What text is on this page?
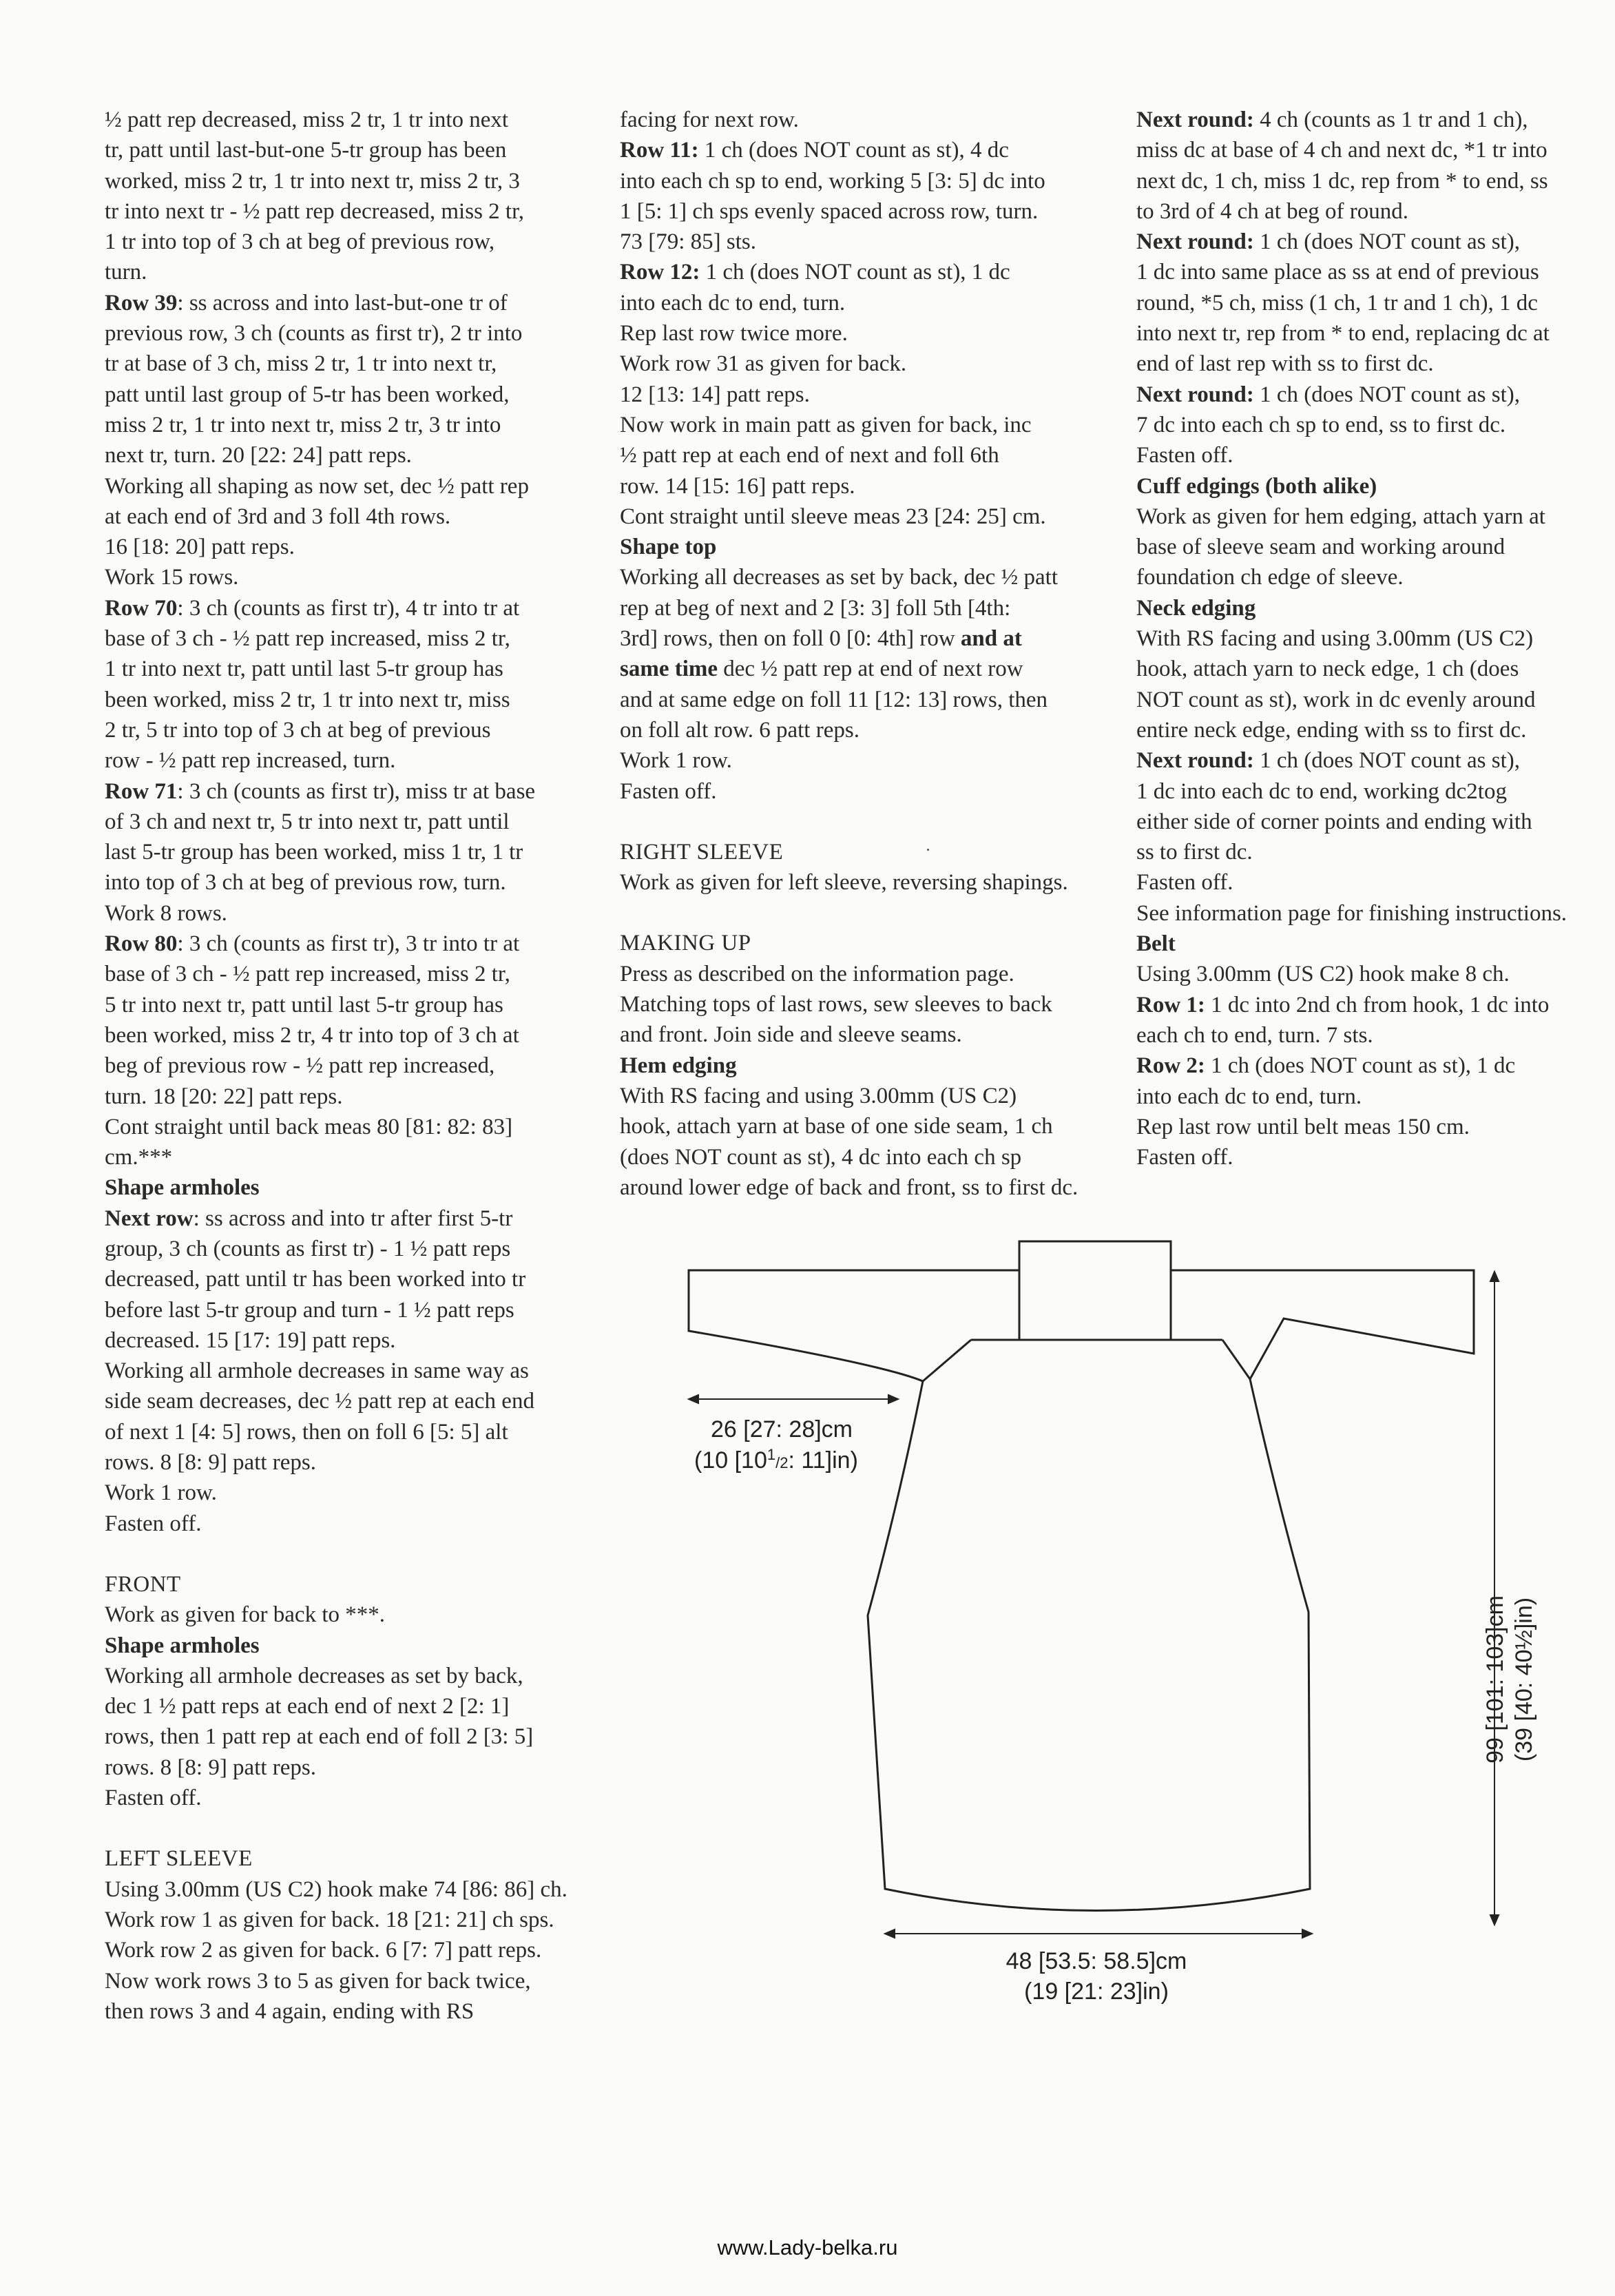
½ patt rep decreased, miss 2 tr, 1 tr into next

tr, patt until last-but-one 5-tr group has been

worked, miss 2 tr, 1 tr into next tr, miss 2 tr, 3

tr into next tr - ½ patt rep decreased, miss 2 tr,

1 tr into top of 3 ch at beg of previous row,

turn.

Row 39: ss across and into last-but-one tr of

previous row, 3 ch (counts as first tr), 2 tr into

tr at base of 3 ch, miss 2 tr, 1 tr into next tr,

patt until last group of 5-tr has been worked,

miss 2 tr, 1 tr into next tr, miss 2 tr, 3 tr into

next tr, turn. 20 [22: 24] patt reps.

Working all shaping as now set, dec ½ patt rep

at each end of 3rd and 3 foll 4th rows.

16 [18: 20] patt reps.

Work 15 rows.

Row 70: 3 ch (counts as first tr), 4 tr into tr at

base of 3 ch - ½ patt rep increased, miss 2 tr,

1 tr into next tr, patt until last 5-tr group has

been worked, miss 2 tr, 1 tr into next tr, miss

2 tr, 5 tr into top of 3 ch at beg of previous

row - ½ patt rep increased, turn.

Row 71: 3 ch (counts as first tr), miss tr at base

of 3 ch and next tr, 5 tr into next tr, patt until

last 5-tr group has been worked, miss 1 tr, 1 tr

into top of 3 ch at beg of previous row, turn.

Work 8 rows.

Row 80: 3 ch (counts as first tr), 3 tr into tr at

base of 3 ch - ½ patt rep increased, miss 2 tr,

5 tr into next tr, patt until last 5-tr group has

been worked, miss 2 tr, 4 tr into top of 3 ch at

beg of previous row - ½ patt rep increased,

turn. 18 [20: 22] patt reps.

Cont straight until back meas 80 [81: 82: 83]

cm.***

Shape armholes

Next row: ss across and into tr after first 5-tr

group, 3 ch (counts as first tr) - 1 ½ patt reps

decreased, patt until tr has been worked into tr

before last 5-tr group and turn - 1 ½ patt reps

decreased. 15 [17: 19] patt reps.

Working all armhole decreases in same way as

side seam decreases, dec ½ patt rep at each end

of next 1 [4: 5] rows, then on foll 6 [5: 5] alt

rows. 8 [8: 9] patt reps.

Work 1 row.

Fasten off.

FRONT

Work as given for back to ***.

Shape armholes

Working all armhole decreases as set by back,

dec 1 ½ patt reps at each end of next 2 [2: 1]

rows, then 1 patt rep at each end of foll 2 [3: 5]

rows. 8 [8: 9] patt reps.

Fasten off.

LEFT SLEEVE

Using 3.00mm (US C2) hook make 74 [86: 86] ch.

Work row 1 as given for back. 18 [21: 21] ch sps.

Work row 2 as given for back. 6 [7: 7] patt reps.

Now work rows 3 to 5 as given for back twice,

then rows 3 and 4 again, ending with RS

facing for next row.

Row 11: 1 ch (does NOT count as st), 4 dc

into each ch sp to end, working 5 [3: 5] dc into

1 [5: 1] ch sps evenly spaced across row, turn.

73 [79: 85] sts.

Row 12: 1 ch (does NOT count as st), 1 dc

into each dc to end, turn.

Rep last row twice more.

Work row 31 as given for back.

12 [13: 14] patt reps.

Now work in main patt as given for back, inc

½ patt rep at each end of next and foll 6th

row. 14 [15: 16] patt reps.

Cont straight until sleeve meas 23 [24: 25] cm.

Shape top

Working all decreases as set by back, dec ½ patt

rep at beg of next and 2 [3: 3] foll 5th [4th:

3rd] rows, then on foll 0 [0: 4th] row and at

same time dec ½ patt rep at end of next row

and at same edge on foll 11 [12: 13] rows, then

on foll alt row. 6 patt reps.

Work 1 row.

Fasten off.

RIGHT SLEEVE

Work as given for left sleeve, reversing shapings.

MAKING UP

Press as described on the information page.

Matching tops of last rows, sew sleeves to back

and front. Join side and sleeve seams.

Hem edging

With RS facing and using 3.00mm (US C2)

hook, attach yarn at base of one side seam, 1 ch

(does NOT count as st), 4 dc into each ch sp

around lower edge of back and front, ss to first dc.

Next round: 4 ch (counts as 1 tr and 1 ch),

miss dc at base of 4 ch and next dc, *1 tr into

next dc, 1 ch, miss 1 dc, rep from * to end, ss

to 3rd of 4 ch at beg of round.

Next round: 1 ch (does NOT count as st),

1 dc into same place as ss at end of previous

round, *5 ch, miss (1 ch, 1 tr and 1 ch), 1 dc

into next tr, rep from * to end, replacing dc at

end of last rep with ss to first dc.

Next round: 1 ch (does NOT count as st),

7 dc into each ch sp to end, ss to first dc.

Fasten off.

Cuff edgings (both alike)

Work as given for hem edging, attach yarn at

base of sleeve seam and working around

foundation ch edge of sleeve.

Neck edging

With RS facing and using 3.00mm (US C2)

hook, attach yarn to neck edge, 1 ch (does

NOT count as st), work in dc evenly around

entire neck edge, ending with ss to first dc.

Next round: 1 ch (does NOT count as st),

1 dc into each dc to end, working dc2tog

either side of corner points and ending with

ss to first dc.

Fasten off.

See information page for finishing instructions.

Belt

Using 3.00mm (US C2) hook make 8 ch.

Row 1: 1 dc into 2nd ch from hook, 1 dc into

each ch to end, turn. 7 sts.

Row 2: 1 ch (does NOT count as st), 1 dc

into each dc to end, turn.

Rep last row until belt meas 150 cm.

Fasten off.

26 [27: 28]cm
(10 [$10^1_{/2}$: 11]in)
99 [101: 103]cm (39 [40: 40½]in)
48 [53.5: 58.5]cm
(19 [21: 23]in)
www.Lady-belka.ru
